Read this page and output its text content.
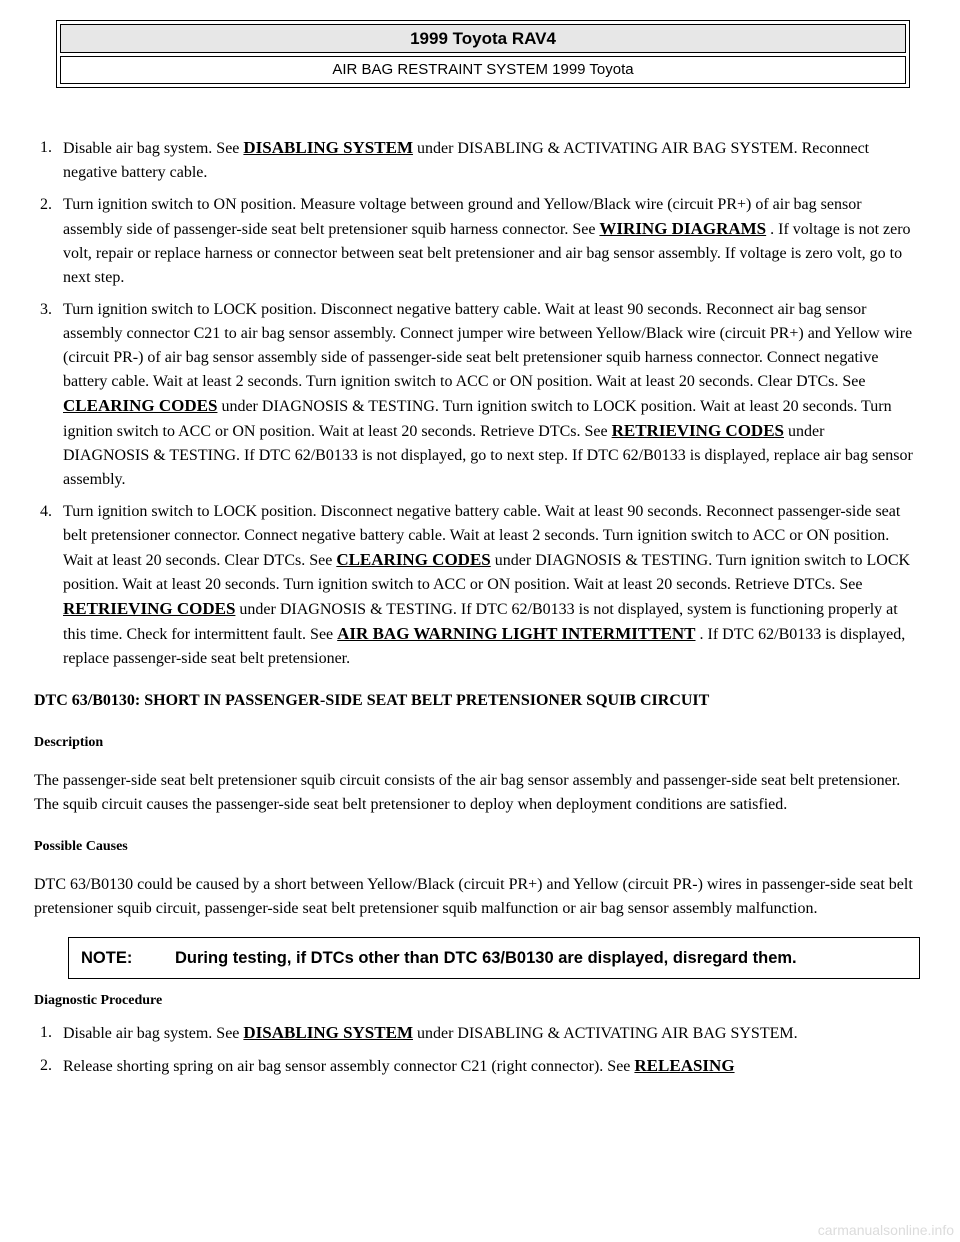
1999 Toyota RAV4
AIR BAG RESTRAINT SYSTEM 1999 Toyota
1. Disable air bag system. See DISABLING SYSTEM under DISABLING & ACTIVATING AIR BAG SYSTEM. Reconnect negative battery cable.
2. Turn ignition switch to ON position. Measure voltage between ground and Yellow/Black wire (circuit PR+) of air bag sensor assembly side of passenger-side seat belt pretensioner squib harness connector. See WIRING DIAGRAMS . If voltage is not zero volt, repair or replace harness or connector between seat belt pretensioner and air bag sensor assembly. If voltage is zero volt, go to next step.
3. Turn ignition switch to LOCK position. Disconnect negative battery cable. Wait at least 90 seconds. Reconnect air bag sensor assembly connector C21 to air bag sensor assembly. Connect jumper wire between Yellow/Black wire (circuit PR+) and Yellow wire (circuit PR-) of air bag sensor assembly side of passenger-side seat belt pretensioner squib harness connector. Connect negative battery cable. Wait at least 2 seconds. Turn ignition switch to ACC or ON position. Wait at least 20 seconds. Clear DTCs. See CLEARING CODES under DIAGNOSIS & TESTING. Turn ignition switch to LOCK position. Wait at least 20 seconds. Turn ignition switch to ACC or ON position. Wait at least 20 seconds. Retrieve DTCs. See RETRIEVING CODES under DIAGNOSIS & TESTING. If DTC 62/B0133 is not displayed, go to next step. If DTC 62/B0133 is displayed, replace air bag sensor assembly.
4. Turn ignition switch to LOCK position. Disconnect negative battery cable. Wait at least 90 seconds. Reconnect passenger-side seat belt pretensioner connector. Connect negative battery cable. Wait at least 2 seconds. Turn ignition switch to ACC or ON position. Wait at least 20 seconds. Clear DTCs. See CLEARING CODES under DIAGNOSIS & TESTING. Turn ignition switch to LOCK position. Wait at least 20 seconds. Turn ignition switch to ACC or ON position. Wait at least 20 seconds. Retrieve DTCs. See RETRIEVING CODES under DIAGNOSIS & TESTING. If DTC 62/B0133 is not displayed, system is functioning properly at this time. Check for intermittent fault. See AIR BAG WARNING LIGHT INTERMITTENT . If DTC 62/B0133 is displayed, replace passenger-side seat belt pretensioner.
DTC 63/B0130: SHORT IN PASSENGER-SIDE SEAT BELT PRETENSIONER SQUIB CIRCUIT
Description

The passenger-side seat belt pretensioner squib circuit consists of the air bag sensor assembly and passenger-side seat belt pretensioner. The squib circuit causes the passenger-side seat belt pretensioner to deploy when deployment conditions are satisfied.

Possible Causes

DTC 63/B0130 could be caused by a short between Yellow/Black (circuit PR+) and Yellow (circuit PR-) wires in passenger-side seat belt pretensioner squib circuit, passenger-side seat belt pretensioner squib malfunction or air bag sensor assembly malfunction.

NOTE:	During testing, if DTCs other than DTC 63/B0130 are displayed, disregard them.
Diagnostic Procedure
1. Disable air bag system. See DISABLING SYSTEM under DISABLING & ACTIVATING AIR BAG SYSTEM.
2. Release shorting spring on air bag sensor assembly connector C21 (right connector). See RELEASING
carmanualsonline.info
